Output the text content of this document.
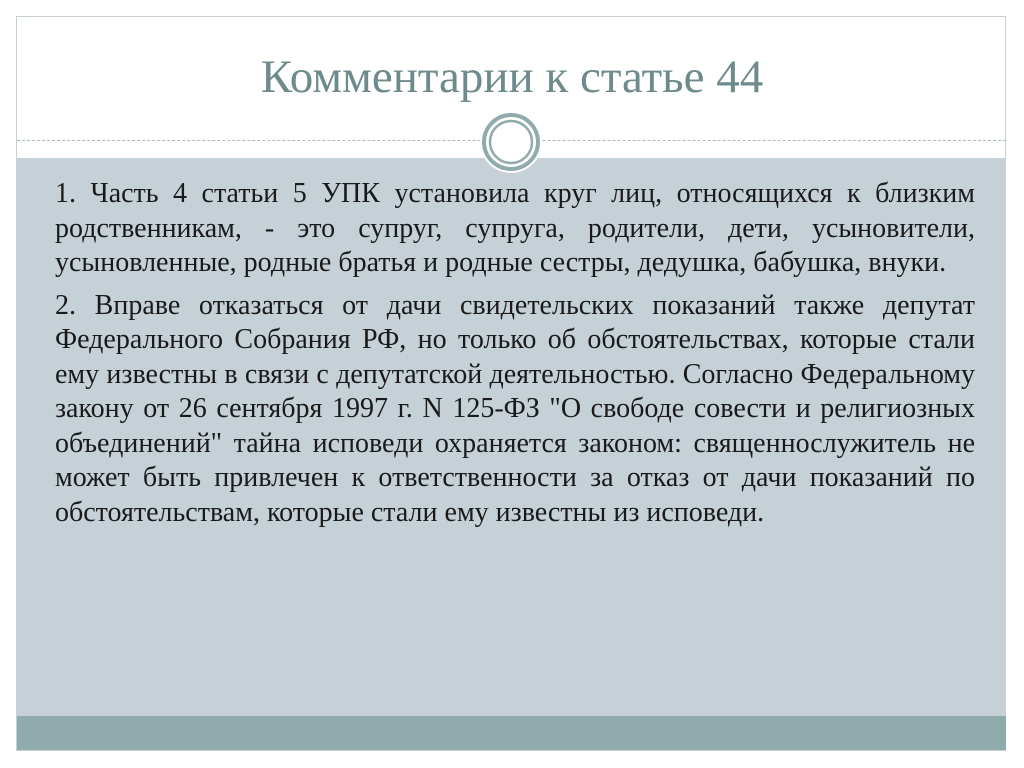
Комментарии к статье 44

1. Часть 4 статьи 5 УПК установила круг лиц, относящихся к близким родственникам, - это супруг, супруга, родители, дети, усыновители, усыновленные, родные братья и родные сестры, дедушка, бабушка, внуки.

2. Вправе отказаться от дачи свидетельских показаний также депутат Федерального Собрания РФ, но только об обстоятельствах, которые стали ему известны в связи с депутатской деятельностью. Согласно Федеральному закону от 26 сентября 1997 г. N 125-ФЗ "О свободе совести и религиозных объединений" тайна исповеди охраняется законом: священнослужитель не может быть привлечен к ответственности за отказ от дачи показаний по обстоятельствам, которые стали ему известны из исповеди.
